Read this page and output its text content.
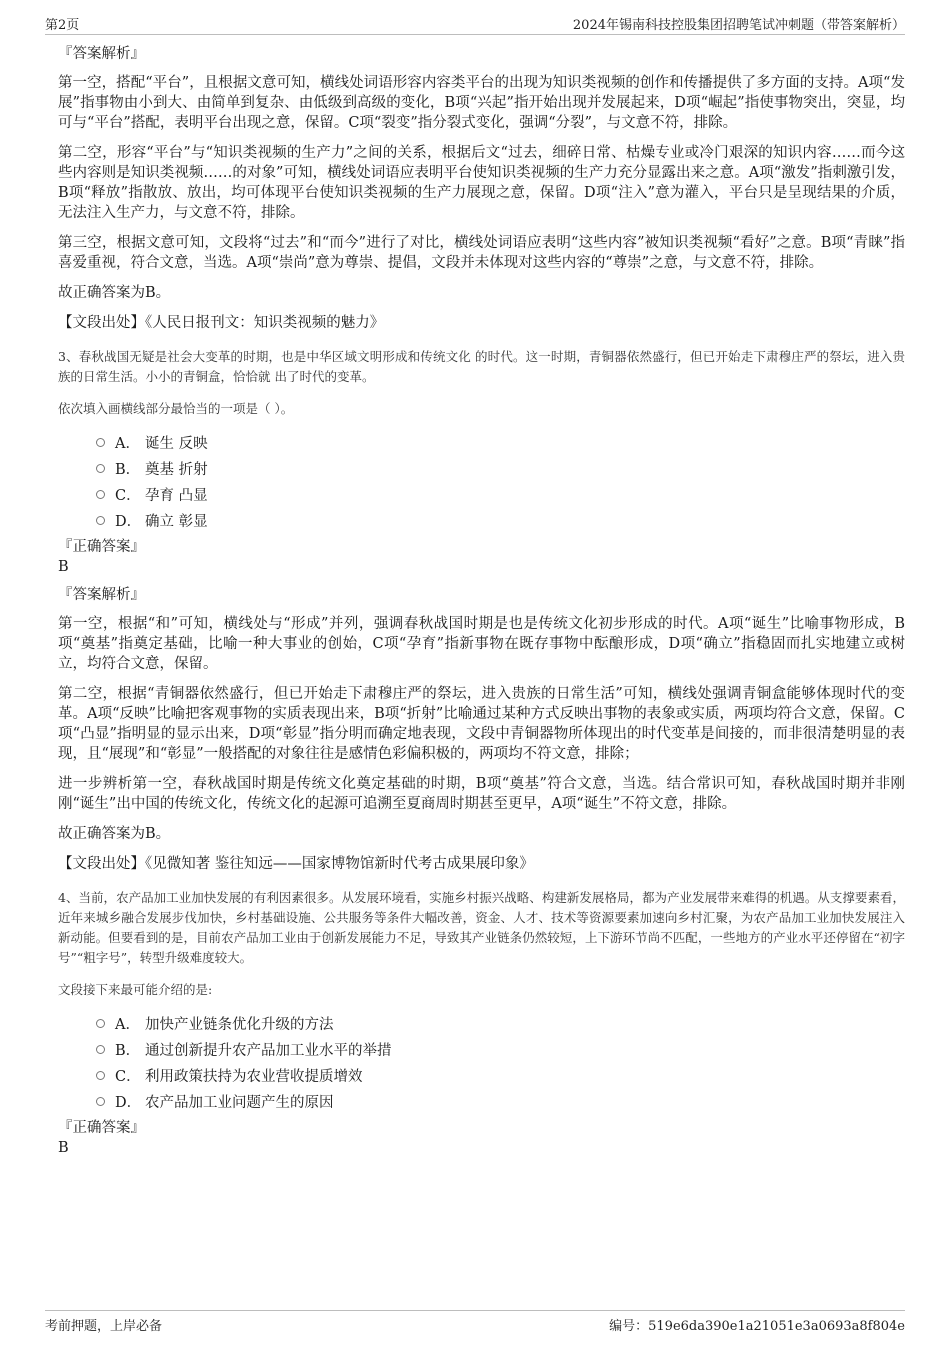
第2页	2024年锡南科技控股集团招聘笔试冲刺题（带答案解析）
『答案解析』

第一空，搭配“平台”，且根据文意可知，横线处词语形容内容类平台的出现为知识类视频的创作和传播提供了多方面的支持。A项“发展”指事物由小到大、由简单到复杂、由低级到高级的变化，B项“兴起”指开始出现并发展起来，D项“崛起”指使事物突出，突显，均可与“平台”搭配，表明平台出现之意，保留。C项“裂变”指分裂式变化，强调“分裂”，与文意不符，排除。

第二空，形容“平台”与“知识类视频的生产力”之间的关系，根据后文“过去，细碎日常、枯燥专业或冷门艰深的知识内容……而今这些内容则是知识类视频……的对象”可知，横线处词语应表明平台使知识类视频的生产力充分显露出来之意。A项“激发”指刺激引发，B项“释放”指散放、放出，均可体现平台使知识类视频的生产力展现之意，保留。D项“注入”意为灌入，平台只是呈现结果的介质，无法注入生产力，与文意不符，排除。

第三空，根据文意可知，文段将“过去”和“而今”进行了对比，横线处词语应表明“这些内容”被知识类视频“看好”之意。B项“青睐”指喜爱重视，符合文意，当选。A项“崇尚”意为尊崇、提倡，文段并未体现对这些内容的“尊崇”之意，与文意不符，排除。

故正确答案为B。

【文段出处】《人民日报刊文：知识类视频的魅力》

3、春秋战国无疑是社会大变革的时期，也是中华区域文明形成和传统文化 的时代。这一时期，青铜器依然盛行，但已开始走下肃穆庄严的祭坛，进入贵族的日常生活。小小的青铜盒，恰恰就 出了时代的变革。

依次填入画横线部分最恰当的一项是（ ）。

A． 诞生 反映
B． 奠基 折射
C． 孕育 凸显
D． 确立 彰显
『正确答案』
B
『答案解析』

第一空，根据“和”可知，横线处与“形成”并列，强调春秋战国时期是也是传统文化初步形成的时代。A项“诞生”比喻事物形成，B项“奠基”指奠定基础，比喻一种大事业的创始，C项“孕育”指新事物在既存事物中酝酿形成，D项“确立”指稳固而扎实地建立或树立，均符合文意，保留。

第二空，根据“青铜器依然盛行，但已开始走下肃穆庄严的祭坛，进入贵族的日常生活”可知，横线处强调青铜盒能够体现时代的变革。A项“反映”比喻把客观事物的实质表现出来，B项“折射”比喻通过某种方式反映出事物的表象或实质，两项均符合文意，保留。C项“凸显”指明显的显示出来，D项“彰显”指分明而确定地表现，文段中青铜器物所体现出的时代变革是间接的，而非很清楚明显的表现，且“展现”和“彰显”一般搭配的对象往往是感情色彩偏积极的，两项均不符文意，排除；

进一步辨析第一空，春秋战国时期是传统文化奠定基础的时期，B项“奠基”符合文意，当选。结合常识可知，春秋战国时期并非刚刚“诞生”出中国的传统文化，传统文化的起源可追溯至夏商周时期甚至更早，A项“诞生”不符文意，排除。

故正确答案为B。

【文段出处】《见微知著 鉴往知远——国家博物馆新时代考古成果展印象》

4、当前，农产品加工业加快发展的有利因素很多。从发展环境看，实施乡村振兴战略、构建新发展格局，都为产业发展带来难得的机遇。从支撑要素看，近年来城乡融合发展步伐加快，乡村基础设施、公共服务等条件大幅改善，资金、人才、技术等资源要素加速向乡村汇聚，为农产品加工业加快发展注入新动能。但要看到的是，目前农产品加工业由于创新发展能力不足，导致其产业链条仍然较短，上下游环节尚不匹配，一些地方的产业水平还停留在“初字号”“粗字号”，转型升级难度较大。

文段接下来最可能介绍的是:

A． 加快产业链条优化升级的方法
B． 通过创新提升农产品加工业水平的举措
C． 利用政策扶持为农业营收提质增效
D． 农产品加工业问题产生的原因
『正确答案』
B
考前押题，上岸必备	编号：519e6da390e1a21051e3a0693a8f804e
